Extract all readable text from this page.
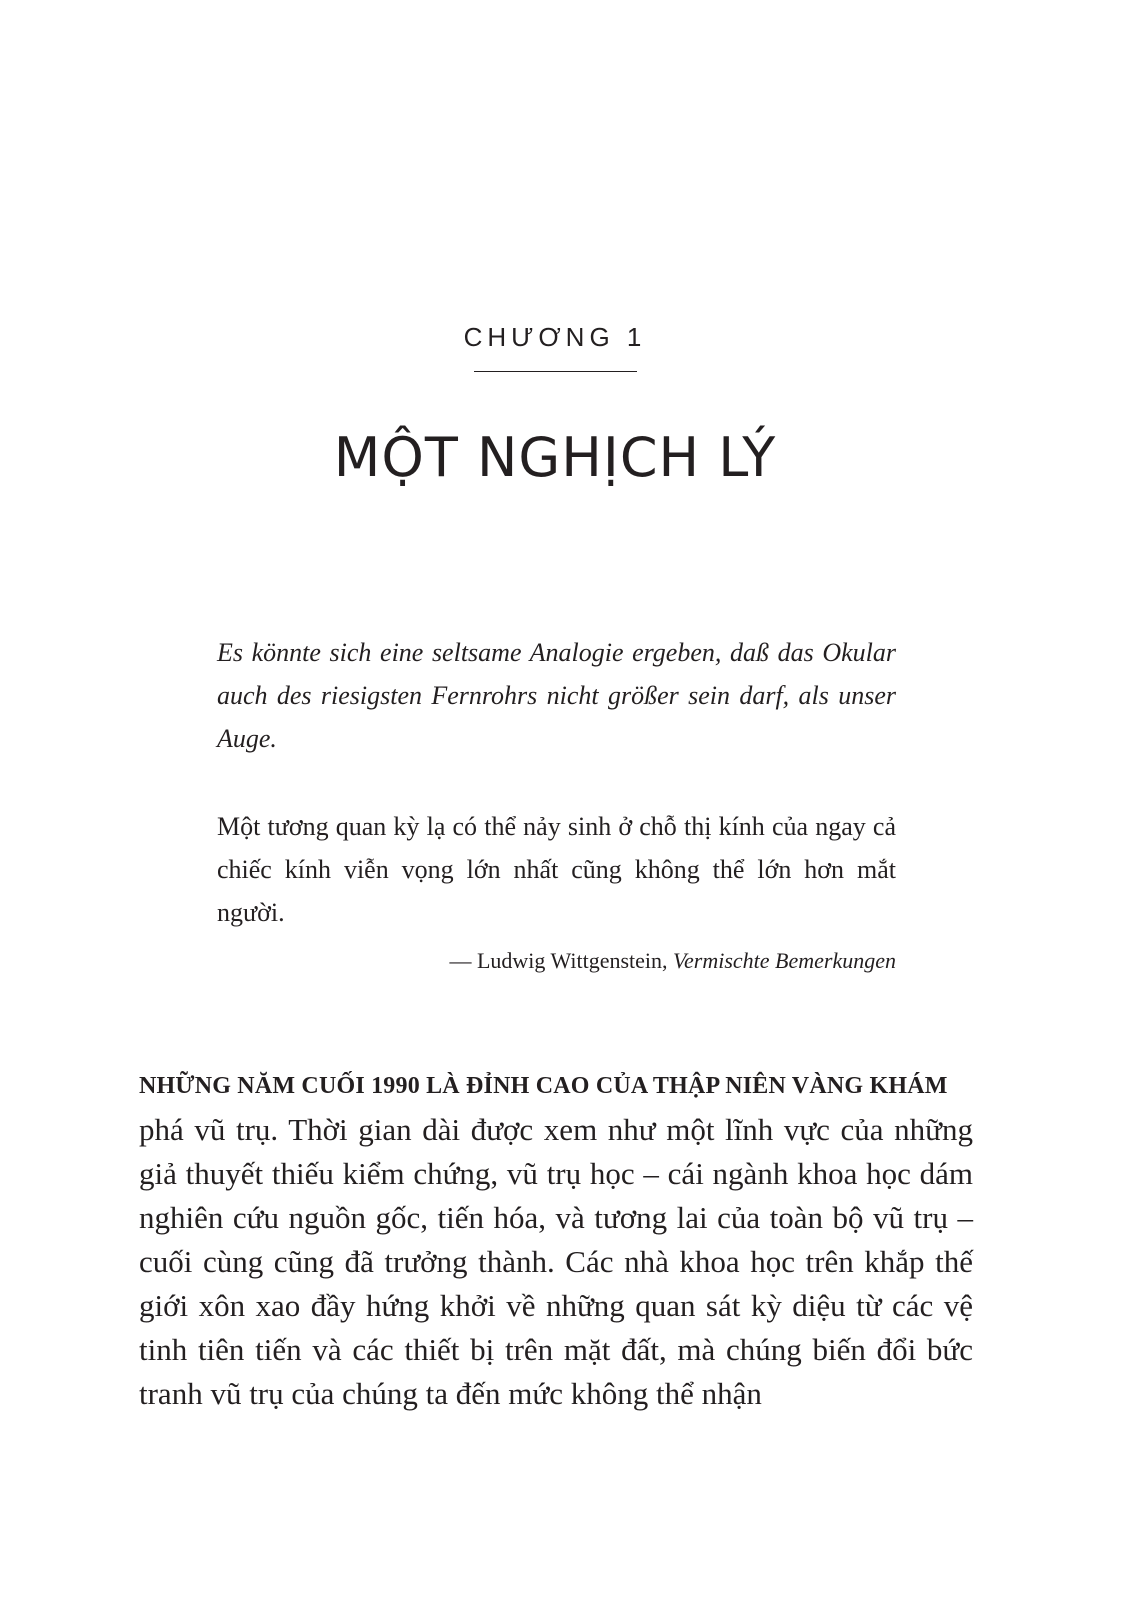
CHƯƠNG 1
MỘT NGHỊCH LÝ

Es könnte sich eine seltsame Analogie ergeben, daß das Okular auch des riesigsten Fernrohrs nicht größer sein darf, als unser Auge.

Một tương quan kỳ lạ có thể nảy sinh ở chỗ thị kính của ngay cả chiếc kính viễn vọng lớn nhất cũng không thể lớn hơn mắt người.

— Ludwig Wittgenstein, Vermischte Bemerkungen

NHỮNG NĂM CUỐI 1990 LÀ ĐỈNH CAO CỦA THẬP NIÊN VÀNG KHÁM
phá vũ trụ. Thời gian dài được xem như một lĩnh vực của những giả thuyết thiếu kiểm chứng, vũ trụ học – cái ngành khoa học dám nghiên cứu nguồn gốc, tiến hóa, và tương lai của toàn bộ vũ trụ – cuối cùng cũng đã trưởng thành. Các nhà khoa học trên khắp thế giới xôn xao đầy hứng khởi về những quan sát kỳ diệu từ các vệ tinh tiên tiến và các thiết bị trên mặt đất, mà chúng biến đổi bức tranh vũ trụ của chúng ta đến mức không thể nhận
